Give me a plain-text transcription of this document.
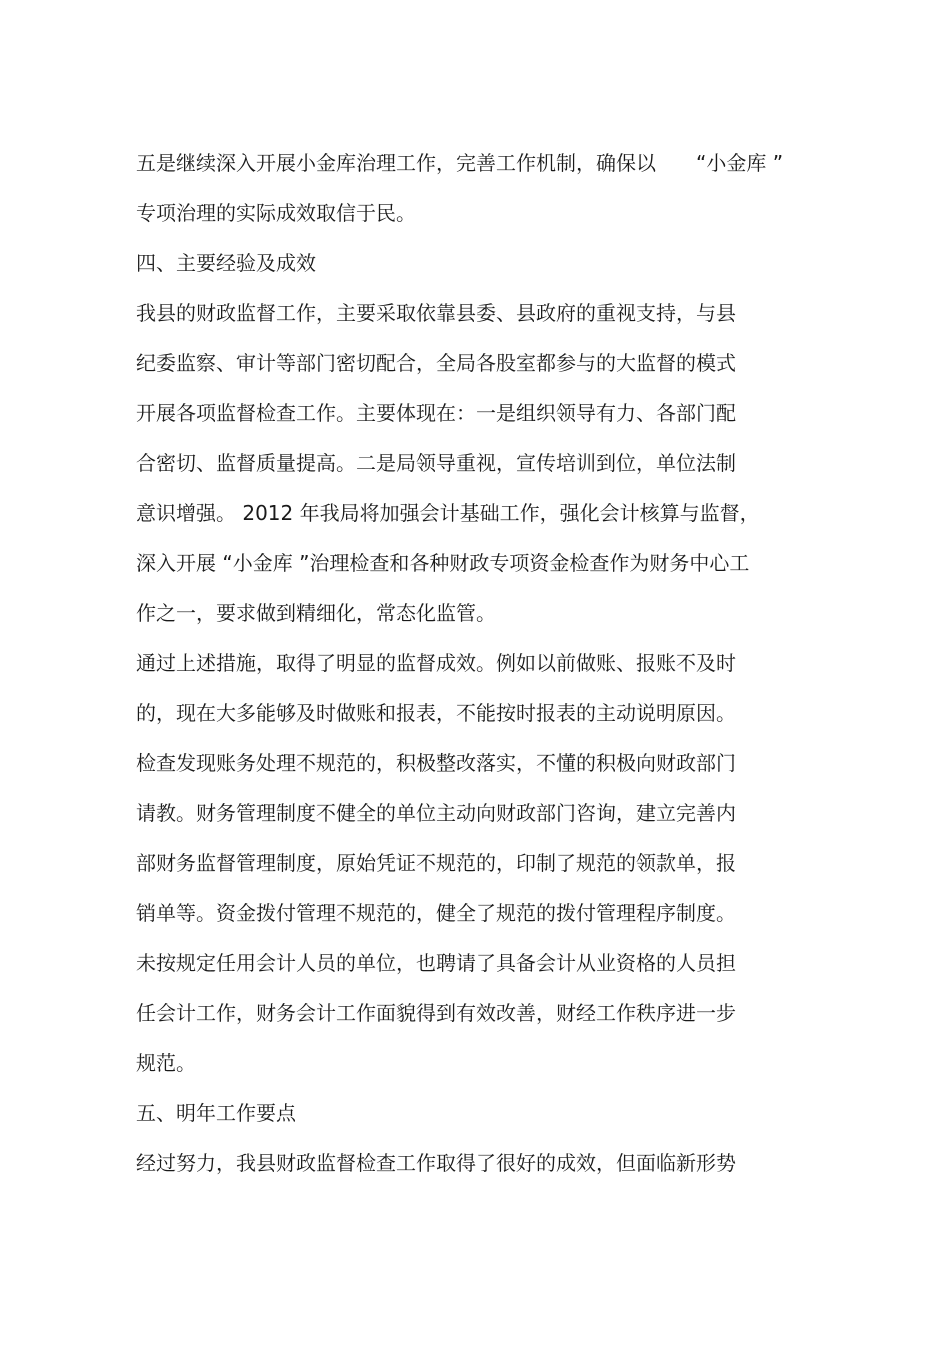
五是继续深入开展小金库治理工作，完善工作机制，确保以　　“小金库 ”
专项治理的实际成效取信于民。
四、主要经验及成效
我县的财政监督工作，主要采取依靠县委、县政府的重视支持，与县
纪委监察、审计等部门密切配合，全局各股室都参与的大监督的模式
开展各项监督检查工作。主要体现在：一是组织领导有力、各部门配
合密切、监督质量提高。二是局领导重视，宣传培训到位，单位法制
意识增强。 2012 年我局将加强会计基础工作，强化会计核算与监督，
深入开展 “小金库 ”治理检查和各种财政专项资金检查作为财务中心工
作之一，要求做到精细化，常态化监管。
通过上述措施，取得了明显的监督成效。例如以前做账、报账不及时
的，现在大多能够及时做账和报表，不能按时报表的主动说明原因。
检查发现账务处理不规范的，积极整改落实，不懂的积极向财政部门
请教。财务管理制度不健全的单位主动向财政部门咨询，建立完善内
部财务监督管理制度，原始凭证不规范的，印制了规范的领款单，报
销单等。资金拨付管理不规范的，健全了规范的拨付管理程序制度。
未按规定任用会计人员的单位，也聘请了具备会计从业资格的人员担
任会计工作，财务会计工作面貌得到有效改善，财经工作秩序进一步
规范。
五、明年工作要点
经过努力，我县财政监督检查工作取得了很好的成效，但面临新形势
